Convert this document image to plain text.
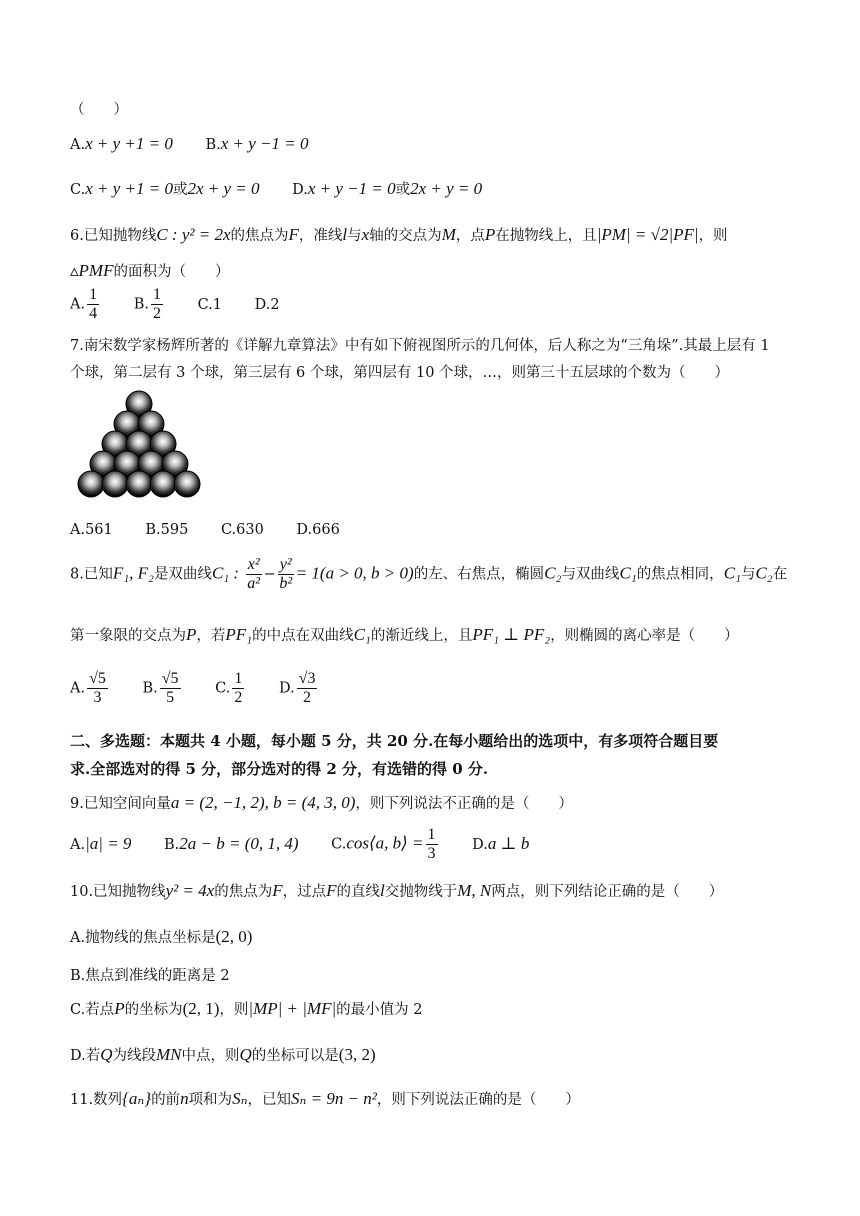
（　　）
A.x + y +1 = 0 B.x + y −1 = 0
C.x + y +1 = 0或2x + y = 0 D.x + y −1 = 0或2x + y = 0
6.已知抛物线C : y² = 2x的焦点为F，准线l与x轴的交点为M，点P在抛物线上，且|PM| = √2|PF|，则
▵PMF的面积为（　　）
A. $\frac{1}{4} B$. $\frac{1}{2} C.1$ D.2
7.南宋数学家杨辉所著的《详解九章算法》中有如下俯视图所示的几何体，后人称之为“三角垛”.其最上层有 1
个球，第二层有 3 个球，第三层有 6 个球，第四层有 10 个球，…，则第三十五层球的个数为（　　）
A.561 B.595 C.630 D.666
8.已知F₁, F₂是双曲线C₁ : $\frac{\text{x²}}{\text{a²}} - \frac{\text{y²}}{\text{b²}} = 1(a > 0$, b > 0)的左、右焦点，椭圆C₂与双曲线C₁的焦点相同，C₁与C₂在
第一象限的交点为P，若PF₁的中点在双曲线C₁的渐近线上，且PF₁ ⊥ PF₂，则椭圆的离心率是（　　）
A. $\frac{√5}{3} B$. $\frac{√5}{5} C$. $\frac{1}{2} D$. $\frac{√3}{2}$
二、多选题：本题共 4 小题，每小题 5 分，共 20 分.在每小题给出的选项中，有多项符合题目要
求.全部选对的得 5 分，部分选对的得 2 分，有选错的得 0 分.
9.已知空间向量a = (2, −1, 2), b = (4, 3, 0)，则下列说法不正确的是（　　）
A.|a| = 9 B.2a − b = (0, 1, 4) C.cos⟨a, b⟩ = $\frac{1}{3} D.a$ ⊥ b
10.已知抛物线y² = 4x的焦点为F，过点F的直线l交抛物线于M, N两点，则下列结论正确的是（　　）
A.抛物线的焦点坐标是(2, 0)
B.焦点到准线的距离是 2
C.若点P的坐标为(2, 1)，则|MP| + |MF|的最小值为 2
D.若Q为线段MN中点，则Q的坐标可以是(3, 2)
11.数列{aₙ}的前n项和为Sₙ，已知Sₙ = 9n − n²，则下列说法正确的是（　　）
